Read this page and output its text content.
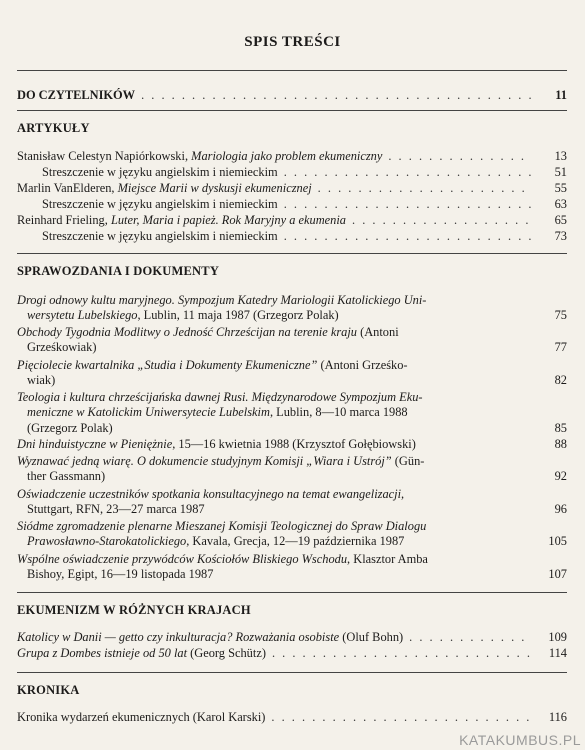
SPIS TREŚCI
DO CZYTELNIKÓW . . .	11
ARTYKUŁY
Stanisław Celestyn Napiórkowski, Mariologia jako problem ekumeniczny . . .	13
Streszczenie w języku angielskim i niemieckim . . .	51
Marlin VanElderen, Miejsce Marii w dyskusji ekumenicznej . . .	55
Streszczenie w języku angielskim i niemieckim . . .	63
Reinhard Frieling, Luter, Maria i papież. Rok Maryjny a ekumenia . . .	65
Streszczenie w języku angielskim i niemieckim . . .	73
SPRAWOZDANIA I DOKUMENTY
Drogi odnowy kultu maryjnego. Sympozjum Katedry Mariologii Katolickiego Uni-
wersytetu Lubelskiego, Lublin, 11 maja 1987 (Grzegorz Polak)	75
Obchody Tygodnia Modlitwy o Jedność Chrześcijan na terenie kraju (Antoni
Grześkowiak)	77
Pięciolecie kwartalnika „Studia i Dokumenty Ekumeniczne” (Antoni Grześko-
wiak)	82
Teologia i kultura chrześcijańska dawnej Rusi. Międzynarodowe Sympozjum Eku-
meniczne w Katolickim Uniwersytecie Lubelskim, Lublin, 8—10 marca 1988
(Grzegorz Polak)	85
Dni hinduistyczne w Pieniężnie, 15—16 kwietnia 1988 (Krzysztof Gołębiowski)	88
Wyznawać jedną wiarę. O dokumencie studyjnym Komisji „Wiara i Ustrój” (Gün-
ther Gassmann)	92
Oświadczenie uczestników spotkania konsultacyjnego na temat ewangelizacji,
Stuttgart, RFN, 23—27 marca 1987	96
Siódme zgromadzenie plenarne Mieszanej Komisji Teologicznej do Spraw Dialogu
Prawosławno-Starokatolickiego, Kavala, Grecja, 12—19 października 1987	105
Wspólne oświadczenie przywódców Kościołów Bliskiego Wschodu, Klasztor Amba
Bishoy, Egipt, 16—19 listopada 1987	107
EKUMENIZM W RÓŻNYCH KRAJACH
Katolicy w Danii — getto czy inkulturacja? Rozważania osobiste (Oluf Bohn) . . .	109
Grupa z Dombes istnieje od 50 lat (Georg Schütz) . . .	114
KRONIKA
Kronika wydarzeń ekumenicznych (Karol Karski) . . .	116
KATAKUMBUS.PL
